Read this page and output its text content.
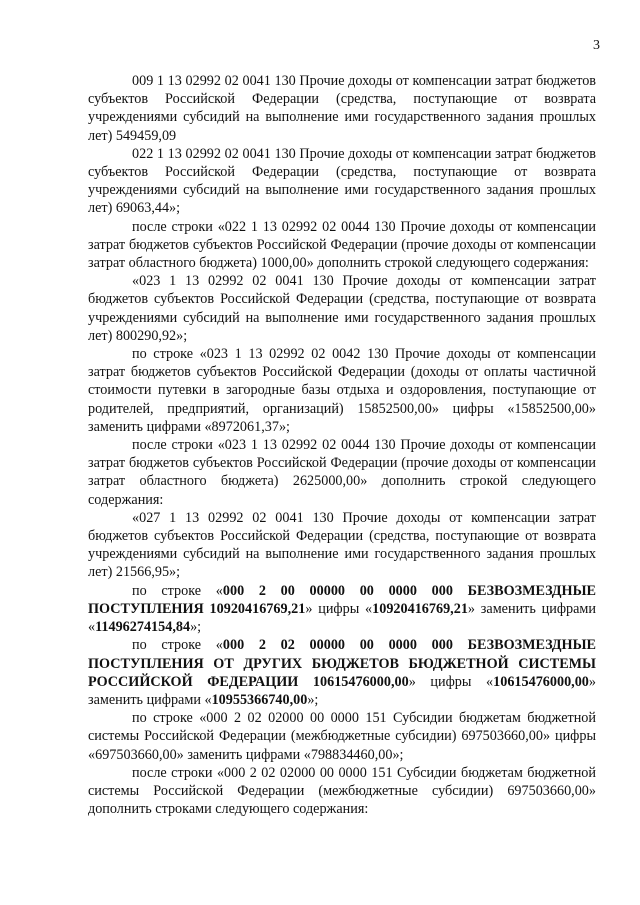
3

009 1 13 02992 02 0041 130 Прочие доходы от компенсации затрат бюджетов субъектов Российской Федерации (средства, поступающие от возврата учреждениями субсидий на выполнение ими государственного задания прошлых лет) 549459,09

022 1 13 02992 02 0041 130 Прочие доходы от компенсации затрат бюджетов субъектов Российской Федерации (средства, поступающие от возврата учреждениями субсидий на выполнение ими государственного задания прошлых лет) 69063,44»;

после строки «022 1 13 02992 02 0044 130 Прочие доходы от компенсации затрат бюджетов субъектов Российской Федерации (прочие доходы от компенсации затрат областного бюджета) 1000,00» дополнить строкой следующего содержания:

«023 1 13 02992 02 0041 130 Прочие доходы от компенсации затрат бюджетов субъектов Российской Федерации (средства, поступающие от возврата учреждениями субсидий на выполнение ими государственного задания прошлых лет) 800290,92»;

по строке «023 1 13 02992 02 0042 130 Прочие доходы от компенсации затрат бюджетов субъектов Российской Федерации (доходы от оплаты частичной стоимости путевки в загородные базы отдыха и оздоровления, поступающие от родителей, предприятий, организаций) 15852500,00» цифры «15852500,00» заменить цифрами «8972061,37»;

после строки «023 1 13 02992 02 0044 130 Прочие доходы от компенсации затрат бюджетов субъектов Российской Федерации (прочие доходы от компенсации затрат областного бюджета) 2625000,00» дополнить строкой следующего содержания:

«027 1 13 02992 02 0041 130 Прочие доходы от компенсации затрат бюджетов субъектов Российской Федерации (средства, поступающие от возврата учреждениями субсидий на выполнение ими государственного задания прошлых лет) 21566,95»;

по строке «000 2 00 00000 00 0000 000 БЕЗВОЗМЕЗДНЫЕ ПОСТУПЛЕНИЯ 10920416769,21» цифры «10920416769,21» заменить цифрами «11496274154,84»;

по строке «000 2 02 00000 00 0000 000 БЕЗВОЗМЕЗДНЫЕ ПОСТУПЛЕНИЯ ОТ ДРУГИХ БЮДЖЕТОВ БЮДЖЕТНОЙ СИСТЕМЫ РОССИЙСКОЙ ФЕДЕРАЦИИ 10615476000,00» цифры «10615476000,00» заменить цифрами «10955366740,00»;

по строке «000 2 02 02000 00 0000 151 Субсидии бюджетам бюджетной системы Российской Федерации (межбюджетные субсидии) 697503660,00» цифры «697503660,00» заменить цифрами «798834460,00»;

после строки «000 2 02 02000 00 0000 151 Субсидии бюджетам бюджетной системы Российской Федерации (межбюджетные субсидии) 697503660,00» дополнить строками следующего содержания:
